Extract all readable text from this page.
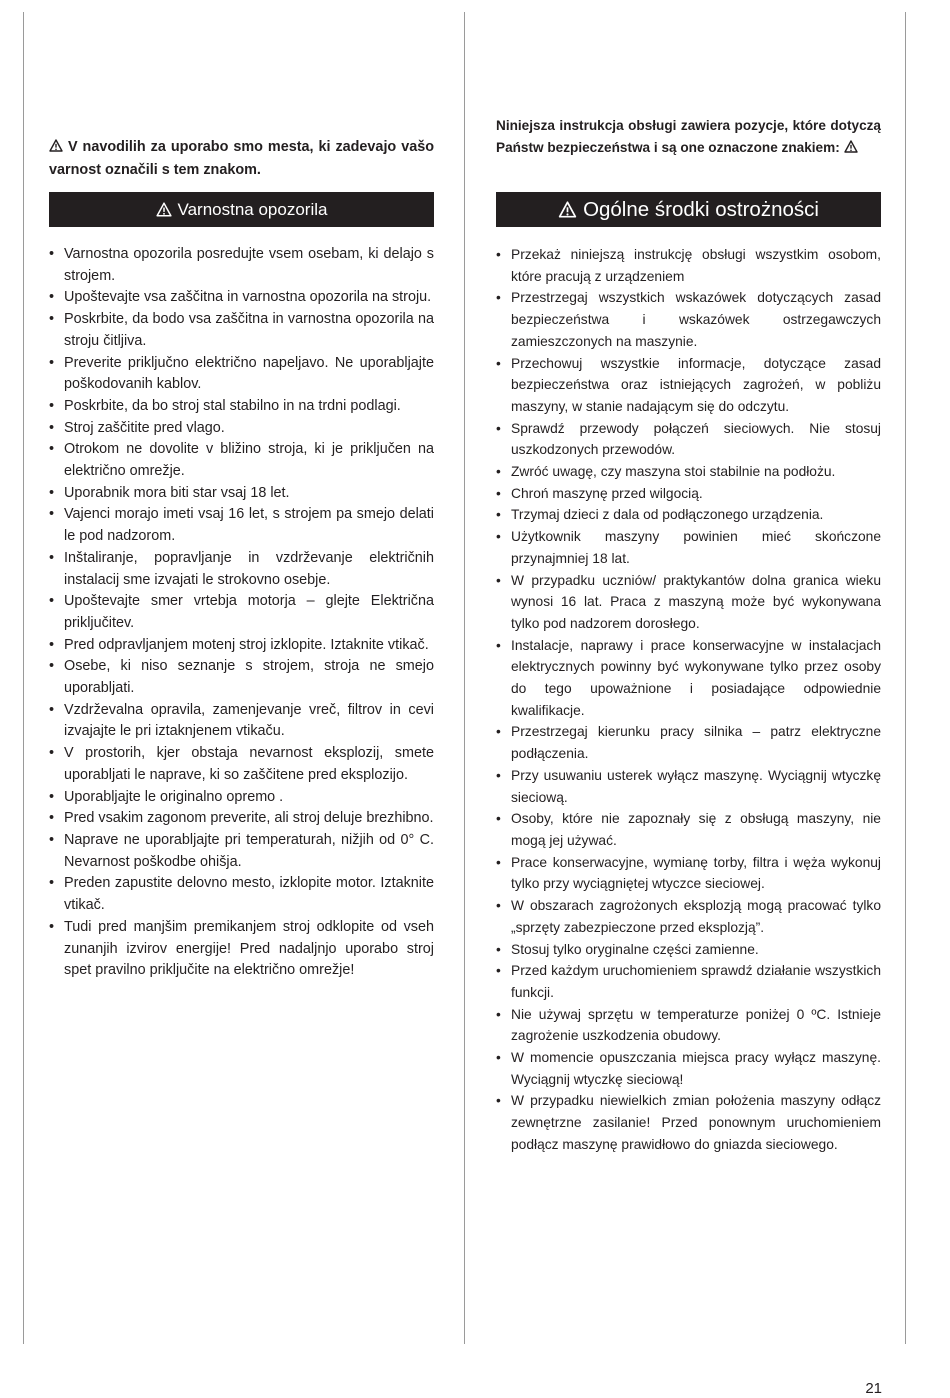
V navodilih za uporabo smo mesta, ki zadevajo vašo varnost označili s tem znakom.

Varnostna opozorila
• Varnostna opozorila posredujte vsem osebam, ki delajo s strojem.
• Upoštevajte vsa zaščitna in varnostna opozorila na stroju.
• Poskrbite, da bodo vsa zaščitna in varnostna opozorila na stroju čitljiva.
• Preverite priključno električno napeljavo. Ne uporabljajte poškodovanih kablov.
• Poskrbite, da bo stroj stal stabilno in na trdni podlagi.
• Stroj zaščitite pred vlago.
• Otrokom ne dovolite v bližino stroja, ki je priključen na električno omrežje.
• Uporabnik mora biti star vsaj 18 let.
• Vajenci morajo imeti vsaj 16 let, s strojem pa smejo delati le pod nadzorom.
• Inštaliranje, popravljanje in vzdrževanje električnih instalacij sme izvajati le strokovno osebje.
• Upoštevajte smer vrtebja motorja – glejte Električna priključitev.
• Pred odpravljanjem motenj stroj izklopite. Iztaknite vtikač.
• Osebe, ki niso seznanje s strojem, stroja ne smejo uporabljati.
• Vzdrževalna opravila, zamenjevanje vreč, filtrov in cevi izvajajte le pri iztaknjenem vtikaču.
• V prostorih, kjer obstaja nevarnost eksplozij, smete uporabljati le naprave, ki so zaščitene pred eksplozijo.
• Uporabljajte le originalno opremo .
• Pred vsakim zagonom preverite, ali stroj deluje brezhibno.
• Naprave ne uporabljajte pri temperaturah, nižjih od 0° C. Nevarnost poškodbe ohišja.
• Preden zapustite delovno mesto, izklopite motor. Iztaknite vtikač.
• Tudi pred manjšim premikanjem stroj odklopite od vseh zunanjih izvirov energije! Pred nadaljnjo uporabo stroj spet pravilno priključite na električno omrežje!

Niniejsza instrukcja obsługi zawiera pozycje, które dotyczą Państw bezpieczeństwa i są one oznaczone znakiem:

Ogólne środki ostrożności
• Przekaż niniejszą instrukcję obsługi wszystkim osobom, które pracują z urządzeniem
• Przestrzegaj wszystkich wskazówek dotyczących zasad bezpieczeństwa i wskazówek ostrzegawczych zamieszczonych na maszynie.
• Przechowuj wszystkie informacje, dotyczące zasad bezpieczeństwa oraz istniejących zagrożeń, w pobliżu maszyny, w stanie nadającym się do odczytu.
• Sprawdź przewody połączeń sieciowych. Nie stosuj uszkodzonych przewodów.
• Zwróć uwagę, czy maszyna stoi stabilnie na podłożu.
• Chroń maszynę przed wilgocią.
• Trzymaj dzieci z dala od podłączonego urządzenia.
• Użytkownik maszyny powinien mieć skończone przynajmniej 18 lat.
• W przypadku uczniów/ praktykantów dolna granica wieku wynosi 16 lat. Praca z maszyną może być wykonywana tylko pod nadzorem dorosłego.
• Instalacje, naprawy i prace konserwacyjne w instalacjach elektrycznych powinny być wykonywane tylko przez osoby do tego upoważnione i posiadające odpowiednie kwalifikacje.
• Przestrzegaj kierunku pracy silnika – patrz elektryczne podłączenia.
• Przy usuwaniu usterek wyłącz maszynę. Wyciągnij wtyczkę sieciową.
• Osoby, które nie zapoznały się z obsługą maszyny, nie mogą jej używać.
• Prace konserwacyjne, wymianę torby, filtra i węża wykonuj tylko przy wyciągniętej wtyczce sieciowej.
• W obszarach zagrożonych eksplozją mogą pracować tylko „sprzęty zabezpieczone przed eksplozją”.
• Stosuj tylko oryginalne części zamienne.
• Przed każdym uruchomieniem sprawdź działanie wszystkich funkcji.
• Nie używaj sprzętu w temperaturze poniżej 0 ºC. Istnieje zagrożenie uszkodzenia obudowy.
• W momencie opuszczania miejsca pracy wyłącz maszynę. Wyciągnij wtyczkę sieciową!
• W przypadku niewielkich zmian położenia maszyny odłącz zewnętrzne zasilanie! Przed ponownym uruchomieniem podłącz maszynę prawidłowo do gniazda sieciowego.
21
